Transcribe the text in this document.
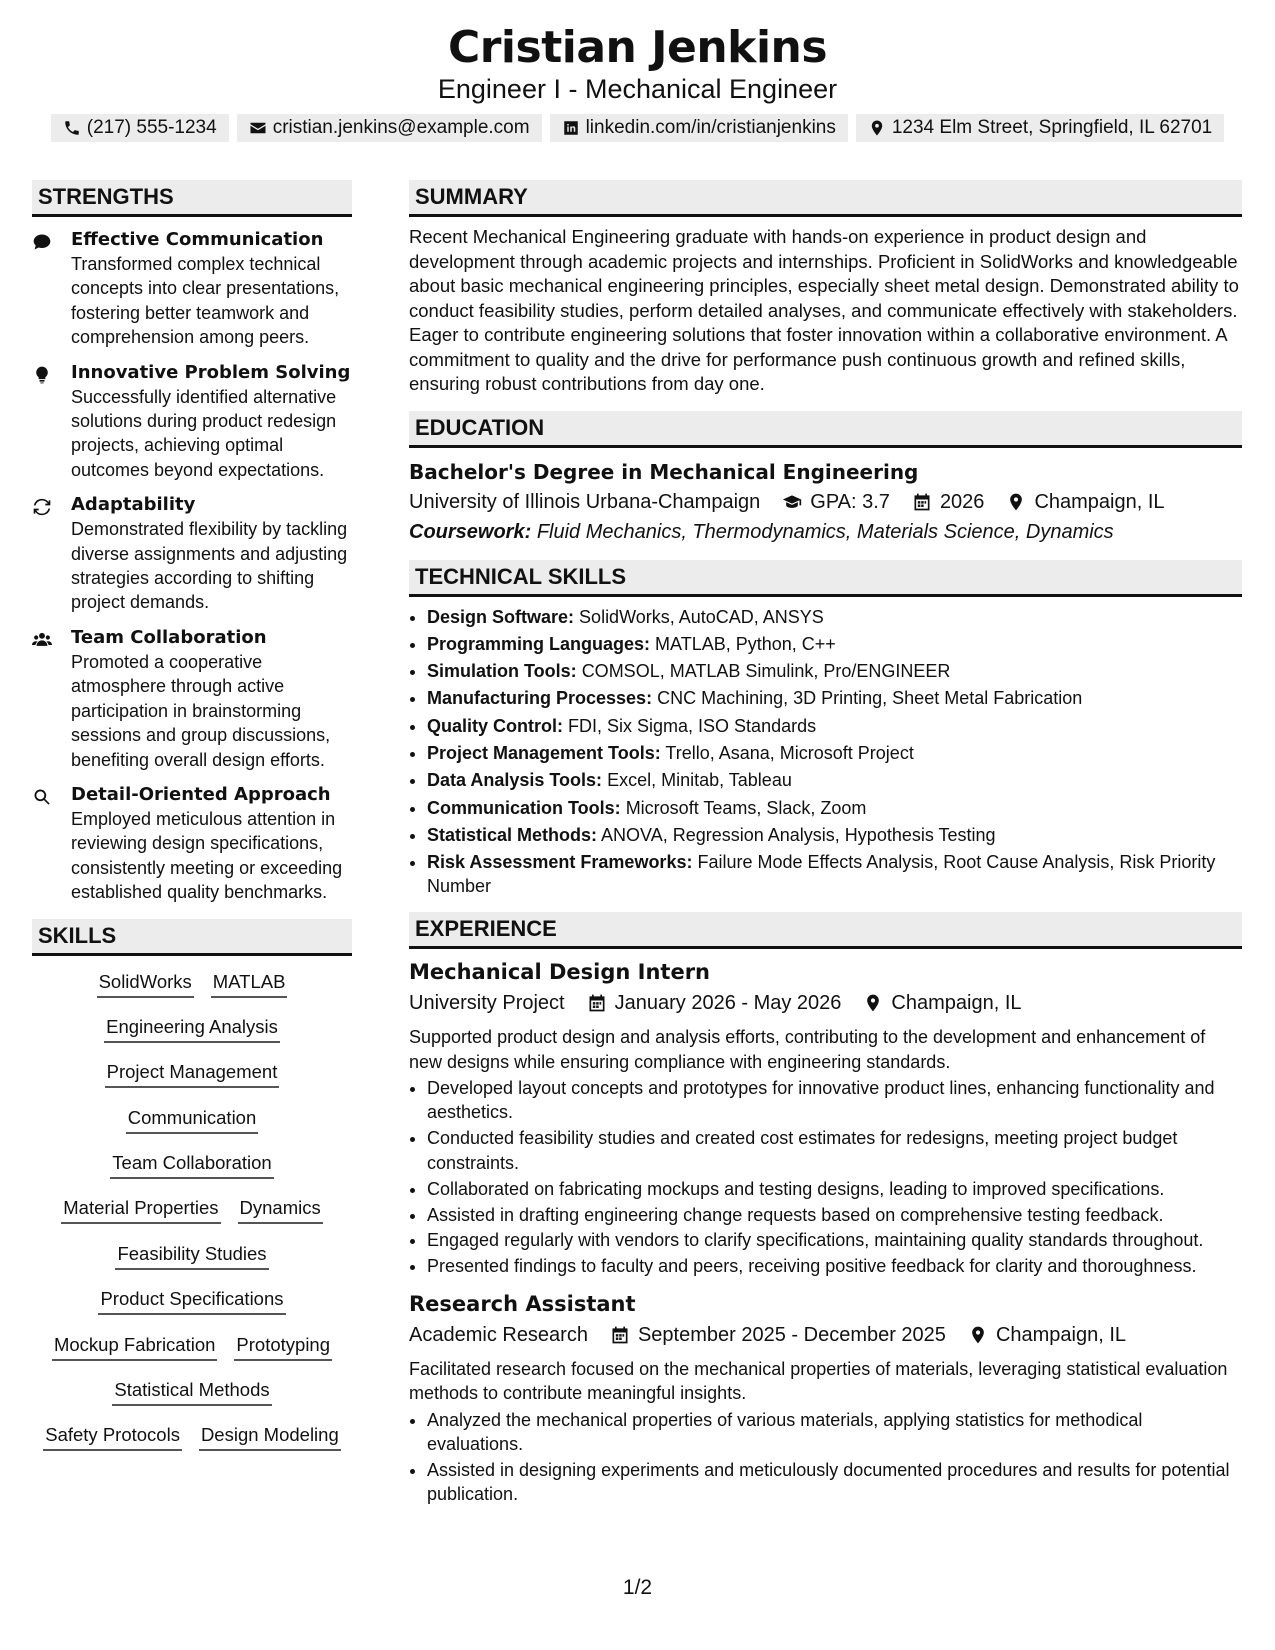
Cristian Jenkins
Engineer I - Mechanical Engineer
(217) 555-1234	cristian.jenkins@example.com	linkedin.com/in/cristianjenkins	1234 Elm Street, Springfield, IL 62701
STRENGTHS
Effective Communication
Transformed complex technical concepts into clear presentations, fostering better teamwork and comprehension among peers.
Innovative Problem Solving
Successfully identified alternative solutions during product redesign projects, achieving optimal outcomes beyond expectations.
Adaptability
Demonstrated flexibility by tackling diverse assignments and adjusting strategies according to shifting project demands.
Team Collaboration
Promoted a cooperative atmosphere through active participation in brainstorming sessions and group discussions, benefiting overall design efforts.
Detail-Oriented Approach
Employed meticulous attention in reviewing design specifications, consistently meeting or exceeding established quality benchmarks.
SKILLS
SolidWorks MATLAB
Engineering Analysis
Project Management
Communication
Team Collaboration
Material Properties Dynamics
Feasibility Studies
Product Specifications
Mockup Fabrication Prototyping
Statistical Methods
Safety Protocols Design Modeling
SUMMARY
Recent Mechanical Engineering graduate with hands-on experience in product design and development through academic projects and internships. Proficient in SolidWorks and knowledgeable about basic mechanical engineering principles, especially sheet metal design. Demonstrated ability to conduct feasibility studies, perform detailed analyses, and communicate effectively with stakeholders. Eager to contribute engineering solutions that foster innovation within a collaborative environment. A commitment to quality and the drive for performance push continuous growth and refined skills, ensuring robust contributions from day one.
EDUCATION
Bachelor's Degree in Mechanical Engineering
University of Illinois Urbana-Champaign	GPA: 3.7	2026	Champaign, IL
Coursework: Fluid Mechanics, Thermodynamics, Materials Science, Dynamics
TECHNICAL SKILLS
• Design Software: SolidWorks, AutoCAD, ANSYS
• Programming Languages: MATLAB, Python, C++
• Simulation Tools: COMSOL, MATLAB Simulink, Pro/ENGINEER
• Manufacturing Processes: CNC Machining, 3D Printing, Sheet Metal Fabrication
• Quality Control: FDI, Six Sigma, ISO Standards
• Project Management Tools: Trello, Asana, Microsoft Project
• Data Analysis Tools: Excel, Minitab, Tableau
• Communication Tools: Microsoft Teams, Slack, Zoom
• Statistical Methods: ANOVA, Regression Analysis, Hypothesis Testing
• Risk Assessment Frameworks: Failure Mode Effects Analysis, Root Cause Analysis, Risk Priority Number
EXPERIENCE
Mechanical Design Intern
University Project	January 2026 - May 2026	Champaign, IL
Supported product design and analysis efforts, contributing to the development and enhancement of new designs while ensuring compliance with engineering standards.
• Developed layout concepts and prototypes for innovative product lines, enhancing functionality and aesthetics.
• Conducted feasibility studies and created cost estimates for redesigns, meeting project budget constraints.
• Collaborated on fabricating mockups and testing designs, leading to improved specifications.
• Assisted in drafting engineering change requests based on comprehensive testing feedback.
• Engaged regularly with vendors to clarify specifications, maintaining quality standards throughout.
• Presented findings to faculty and peers, receiving positive feedback for clarity and thoroughness.
Research Assistant
Academic Research	September 2025 - December 2025	Champaign, IL
Facilitated research focused on the mechanical properties of materials, leveraging statistical evaluation methods to contribute meaningful insights.
• Analyzed the mechanical properties of various materials, applying statistics for methodical evaluations.
• Assisted in designing experiments and meticulously documented procedures and results for potential publication.
1/2
